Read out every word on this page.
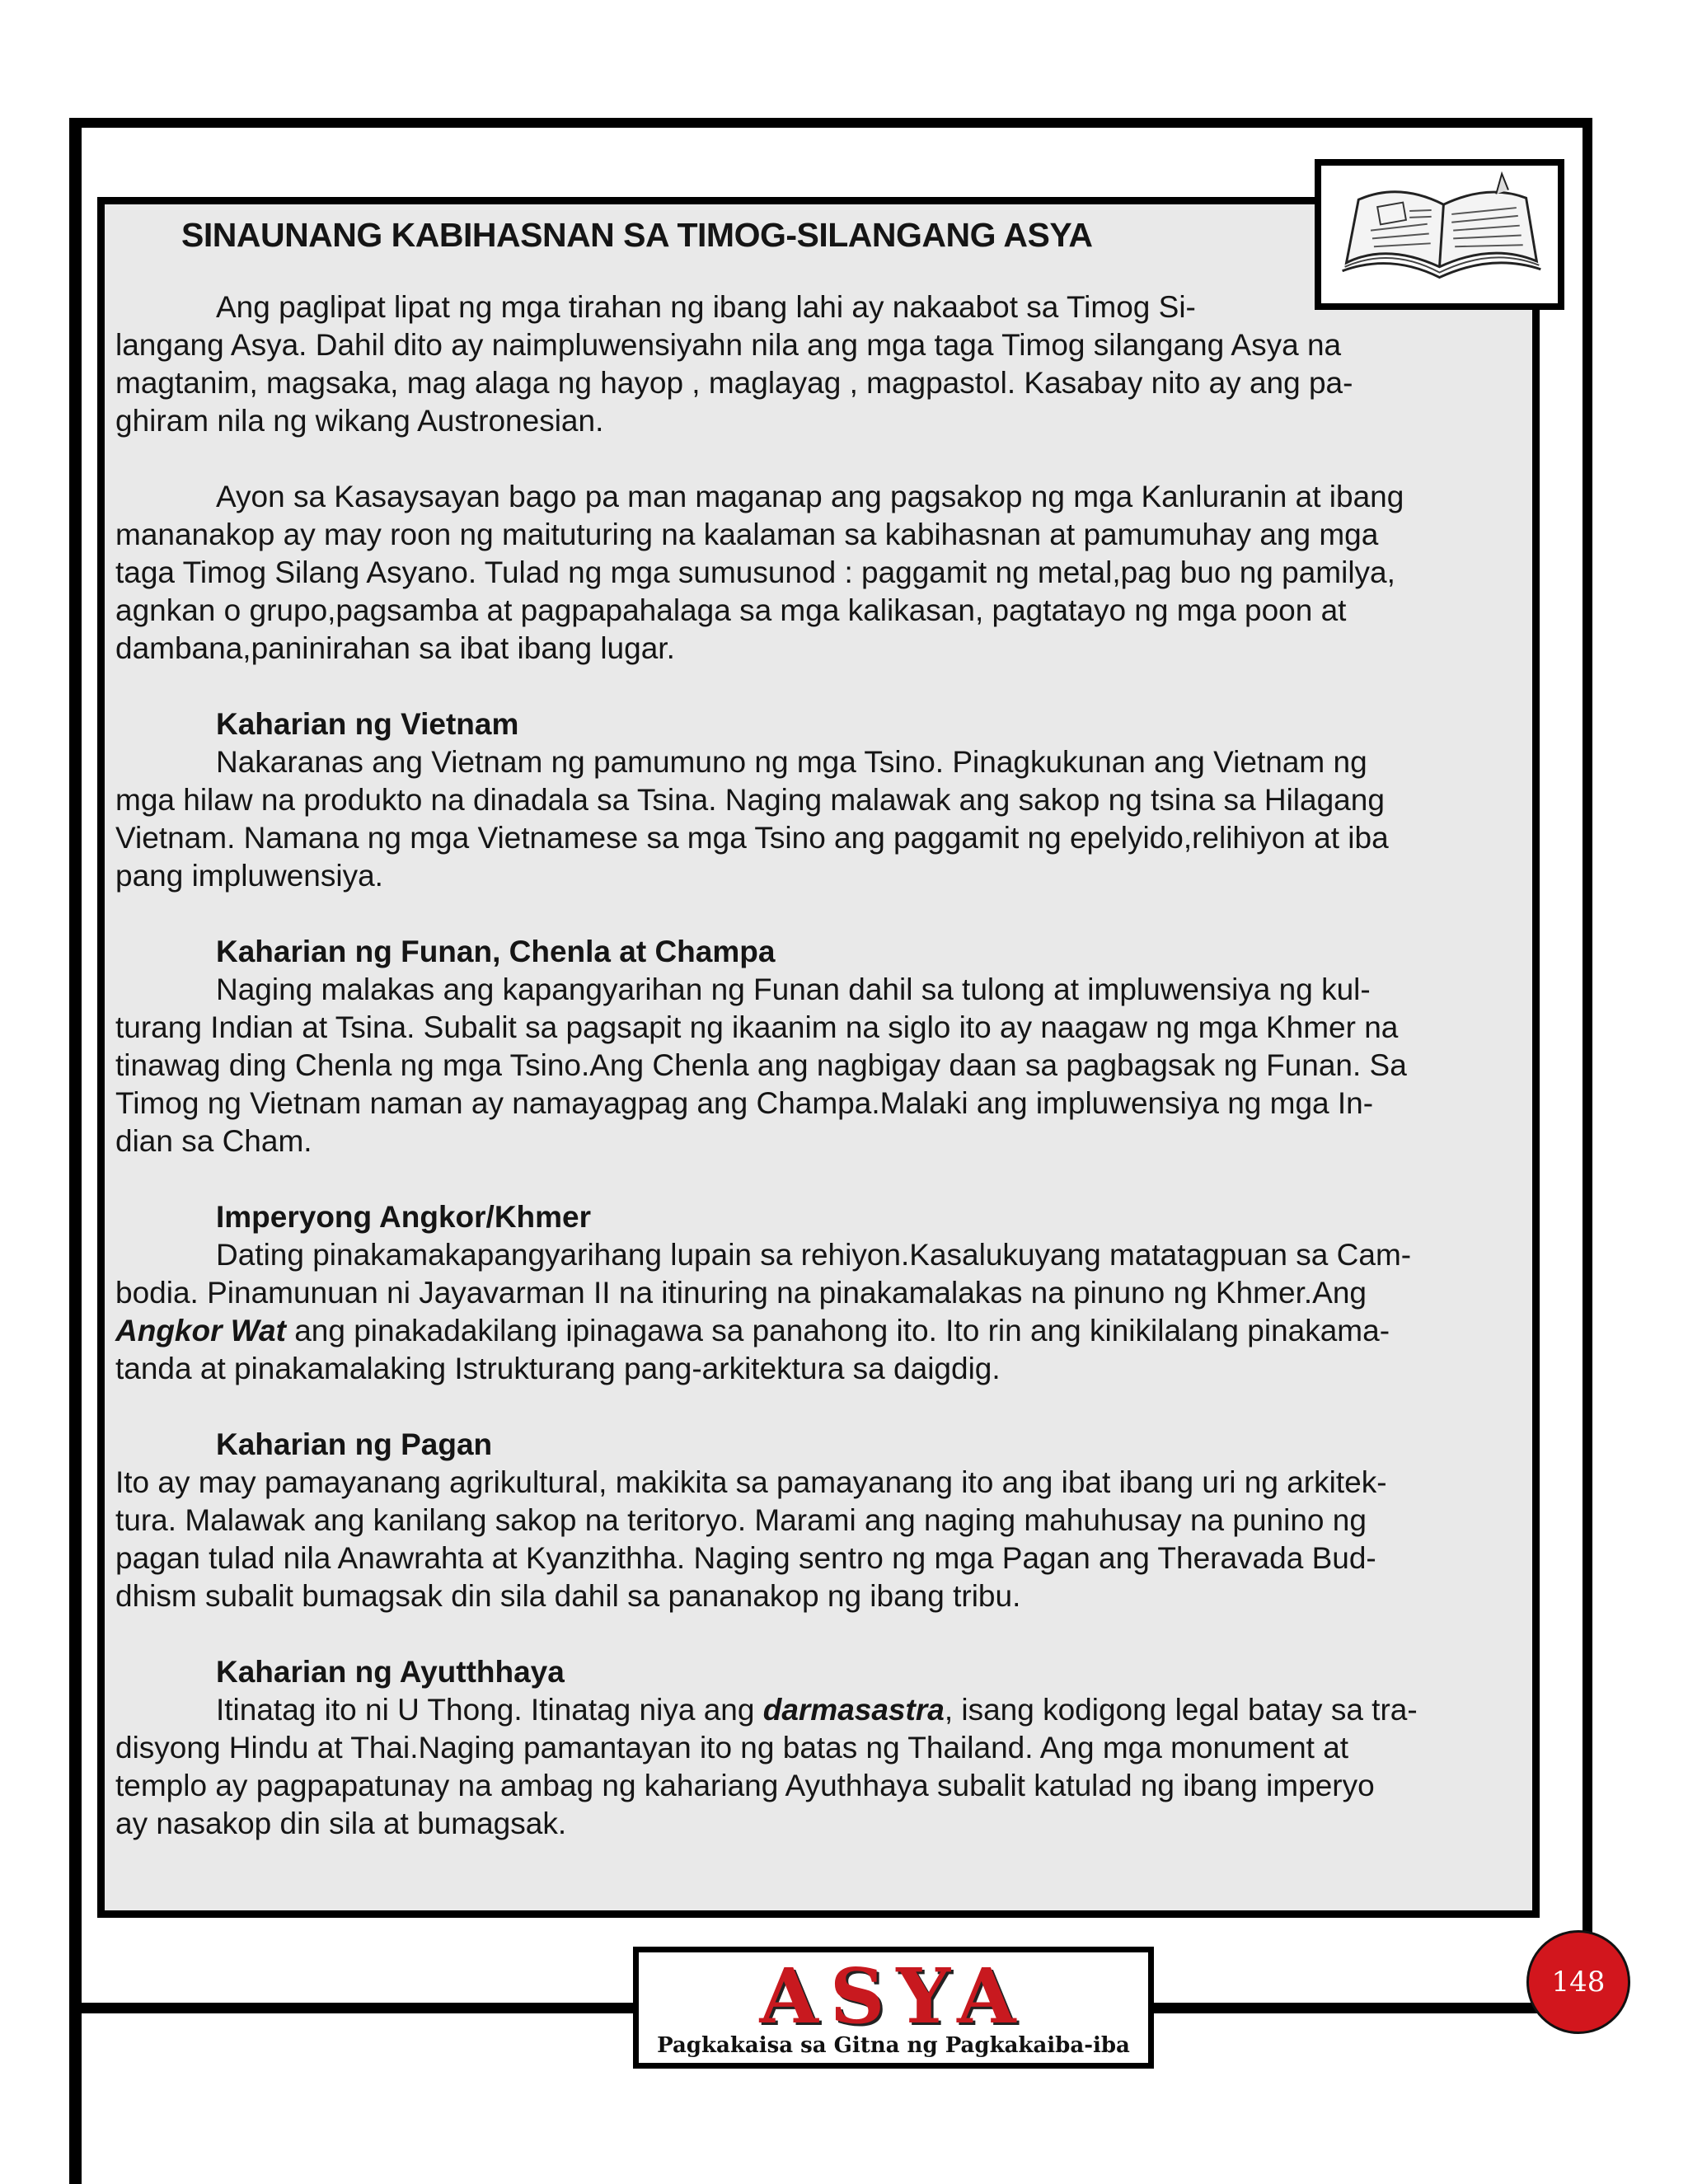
SINAUNANG KABIHASNAN SA TIMOG-SILANGANG ASYA
Ang paglipat lipat ng mga tirahan ng ibang lahi ay nakaabot sa Timog Si-
langang Asya. Dahil dito ay naimpluwensiyahn nila ang mga taga Timog silangang Asya na
magtanim, magsaka, mag alaga ng hayop , maglayag , magpastol. Kasabay nito ay ang pa-
ghiram nila ng wikang Austronesian.
Ayon sa Kasaysayan bago pa man maganap ang pagsakop ng mga Kanluranin at ibang
mananakop ay may roon ng maituturing na kaalaman sa kabihasnan at pamumuhay ang mga
taga Timog Silang Asyano. Tulad ng mga sumusunod : paggamit ng metal,pag buo ng pamilya,
agnkan o grupo,pagsamba at pagpapahalaga sa mga kalikasan, pagtatayo ng mga poon at
dambana,paninirahan sa ibat ibang lugar.
Kaharian ng Vietnam
Nakaranas ang Vietnam ng pamumuno ng mga Tsino. Pinagkukunan ang Vietnam ng
mga hilaw na produkto na dinadala sa Tsina. Naging malawak ang sakop ng tsina sa Hilagang
Vietnam. Namana ng mga Vietnamese sa mga Tsino ang paggamit ng epelyido,relihiyon at iba
pang impluwensiya.
Kaharian ng Funan, Chenla at Champa
Naging malakas ang kapangyarihan ng Funan dahil sa tulong at impluwensiya ng kul-
turang Indian at Tsina. Subalit sa pagsapit ng ikaanim na siglo ito ay naagaw ng mga Khmer na
tinawag ding Chenla ng mga Tsino.Ang Chenla ang nagbigay daan sa pagbagsak ng Funan. Sa
Timog ng Vietnam naman ay namayagpag ang Champa.Malaki ang impluwensiya ng mga In-
dian sa Cham.
Imperyong Angkor/Khmer
Dating pinakamakapangyarihang lupain sa rehiyon.Kasalukuyang matatagpuan sa Cam-
bodia. Pinamunuan ni Jayavarman II na itinuring na pinakamalakas na pinuno ng Khmer.Ang
Angkor Wat ang pinakadakilang ipinagawa sa panahong ito. Ito rin ang kinikilalang pinakama-
tanda at pinakamalaking Istrukturang pang-arkitektura sa daigdig.
Kaharian ng Pagan
Ito ay may pamayanang agrikultural, makikita sa pamayanang ito ang ibat ibang uri ng arkitek-
tura. Malawak ang kanilang sakop na teritoryo. Marami ang naging mahuhusay na punino ng
pagan tulad nila Anawrahta at Kyanzithha. Naging sentro ng mga Pagan ang Theravada Bud-
dhism subalit bumagsak din sila dahil sa pananakop ng ibang tribu.
Kaharian ng Ayutthhaya
Itinatag ito ni U Thong. Itinatag niya ang darmasastra, isang kodigong legal batay sa tra-
disyong Hindu at Thai.Naging pamantayan ito ng batas ng Thailand. Ang mga monument at
templo ay pagpapatunay na ambag ng kahariang Ayuthhaya subalit katulad ng ibang imperyo
ay nasakop din sila at bumagsak.
ASYA
Pagkakaisa sa Gitna ng Pagkakaiba-iba
148
